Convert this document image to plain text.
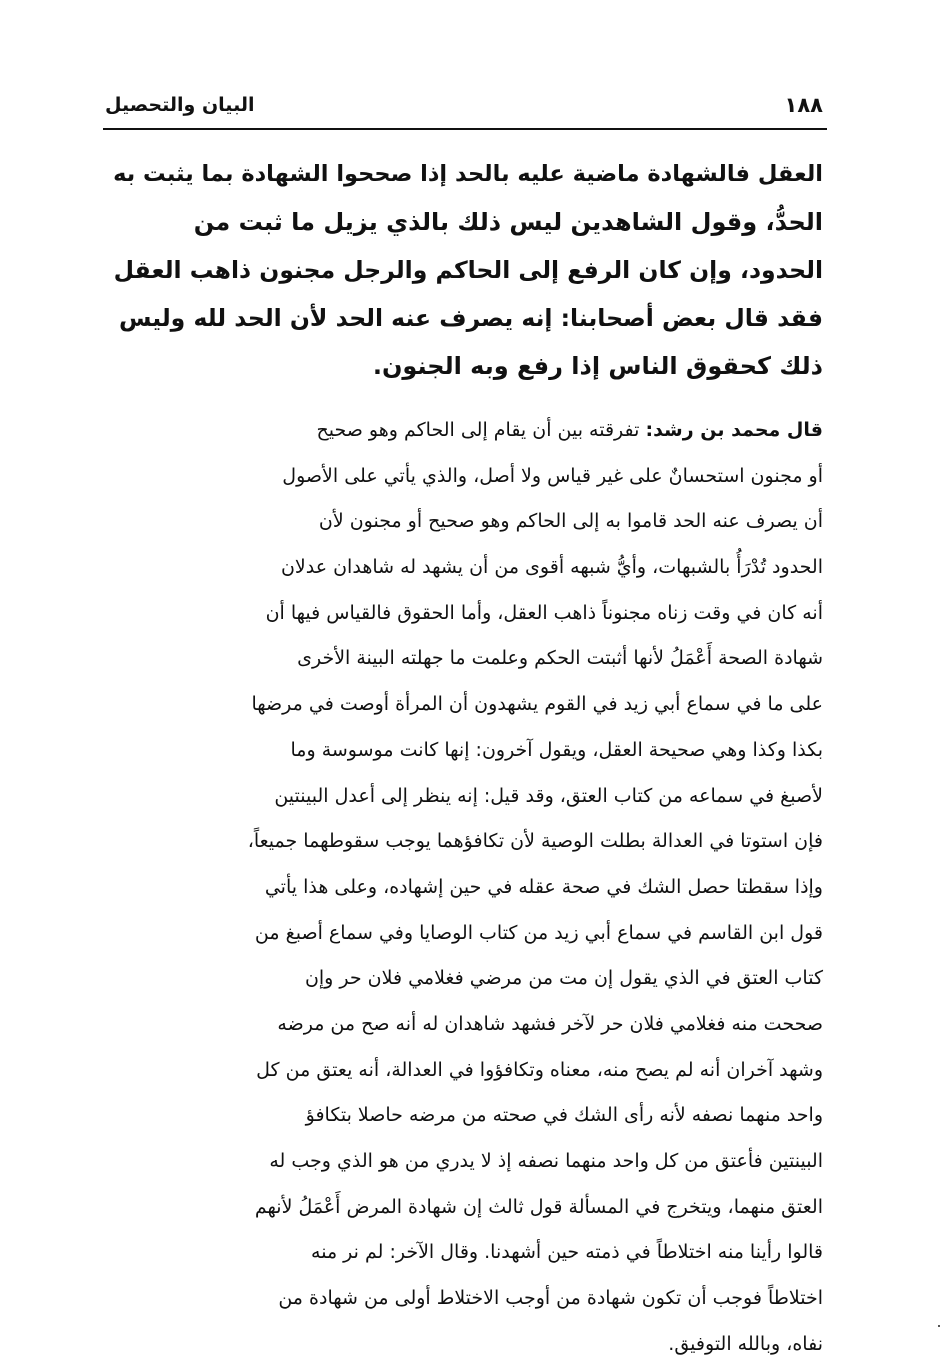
١٨٨
البيان والتحصيل
العقل فالشهادة ماضية عليه بالحد إذا صححوا الشهادة بما يثبت به
الحدُّ، وقول الشاهدين ليس ذلك بالذي يزيل ما ثبت من
الحدود، وإن كان الرفع إلى الحاكم والرجل مجنون ذاهب العقل
فقد قال بعض أصحابنا: إنه يصرف عنه الحد لأن الحد لله وليس
ذلك كحقوق الناس إذا رفع وبه الجنون.
قال محمد بن رشد: تفرقته بين أن يقام إلى الحاكم وهو صحيح
أو مجنون استحسانٌ على غير قياس ولا أصل، والذي يأتي على الأصول
أن يصرف عنه الحد قاموا به إلى الحاكم وهو صحيح أو مجنون لأن
الحدود تُدْرَأُ بالشبهات، وأيُّ شبهه أقوى من أن يشهد له شاهدان عدلان
أنه كان في وقت زناه مجنوناً ذاهب العقل، وأما الحقوق فالقياس فيها أن
شهادة الصحة أَعْمَلُ لأنها أثبتت الحكم وعلمت ما جهلته البينة الأخرى
على ما في سماع أبي زيد في القوم يشهدون أن المرأة أوصت في مرضها
بكذا وكذا وهي صحيحة العقل، ويقول آخرون: إنها كانت موسوسة وما
لأصبغ في سماعه من كتاب العتق، وقد قيل: إنه ينظر إلى أعدل البينتين
فإن استوتا في العدالة بطلت الوصية لأن تكافؤهما يوجب سقوطهما جميعاً،
وإذا سقطتا حصل الشك في صحة عقله في حين إشهاده، وعلى هذا يأتي
قول ابن القاسم في سماع أبي زيد من كتاب الوصايا وفي سماع أصبغ من
كتاب العتق في الذي يقول إن مت من مرضي فغلامي فلان حر وإن
صححت منه فغلامي فلان حر لآخر فشهد شاهدان له أنه صح من مرضه
وشهد آخران أنه لم يصح منه، معناه وتكافؤوا في العدالة، أنه يعتق من كل
واحد منهما نصفه لأنه رأى الشك في صحته من مرضه حاصلا بتكافؤ
البينتين فأعتق من كل واحد منهما نصفه إذ لا يدري من هو الذي وجب له
العتق منهما، ويتخرج في المسألة قول ثالث إن شهادة المرض أَعْمَلُ لأنهم
قالوا رأينا منه اختلاطاً في ذمته حين أشهدنا. وقال الآخر: لم نر منه
اختلاطاً فوجب أن تكون شهادة من أوجب الاختلاط أولى من شهادة من
نفاه، وبالله التوفيق.
